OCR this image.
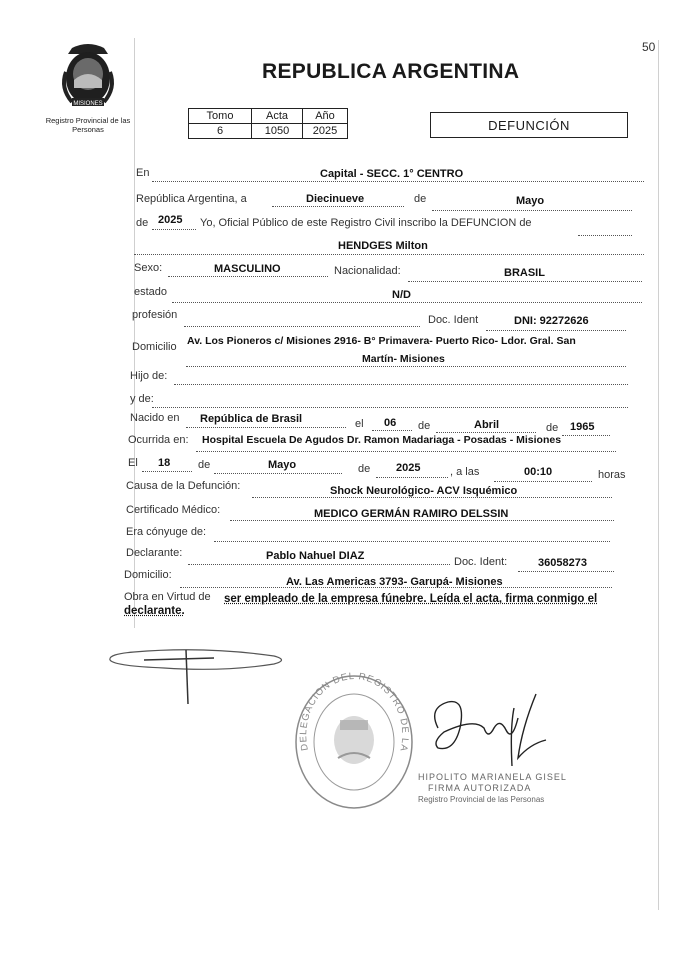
50
MISIONES
Registro Provincial de las Personas
REPUBLICA ARGENTINA
Tomo	Acta	Año
6	1050	2025	DEFUNCIÓN
En	Capital - SECC. 1° CENTRO
República Argentina, a	Diecinueve	de	Mayo
de 2025 Yo, Oficial Público de este Registro Civil inscribo la DEFUNCION de
HENDGES Milton
Sexo:	MASCULINO	Nacionalidad:	BRASIL
estado	N/D
profesión	Doc. Ident	DNI: 92272626
Domicilio Av. Los Pioneros c/ Misiones 2916- B° Primavera- Puerto Rico- Ldor. Gral. San
Martín- Misiones
Hijo de:
y de:
Nacido en República de Brasil	el 06 de	Abril	de 1965
Ocurrida en: Hospital Escuela De Agudos Dr. Ramon Madariaga - Posadas - Misiones
El 18	de	Mayo	de 2025	, a las	00:10	horas
Causa de la Defunción:	Shock Neurológico- ACV Isquémico
Certificado Médico:	MEDICO GERMÁN RAMIRO DELSSIN
Era cónyuge de:
Declarante:	Pablo Nahuel DIAZ	Doc. Ident:	36058273
Domicilio:
Av. Las Americas 3793- Garupá- Misiones
Obra en Virtud de ser empleado de la empresa fúnebre. Leída el acta, firma conmigo el
declarante.
DELEGACION DEL REGISTRO DE LA
HIPOLITO MARIANELA GISEL
FIRMA AUTORIZADA
Registro Provincial de las Personas
